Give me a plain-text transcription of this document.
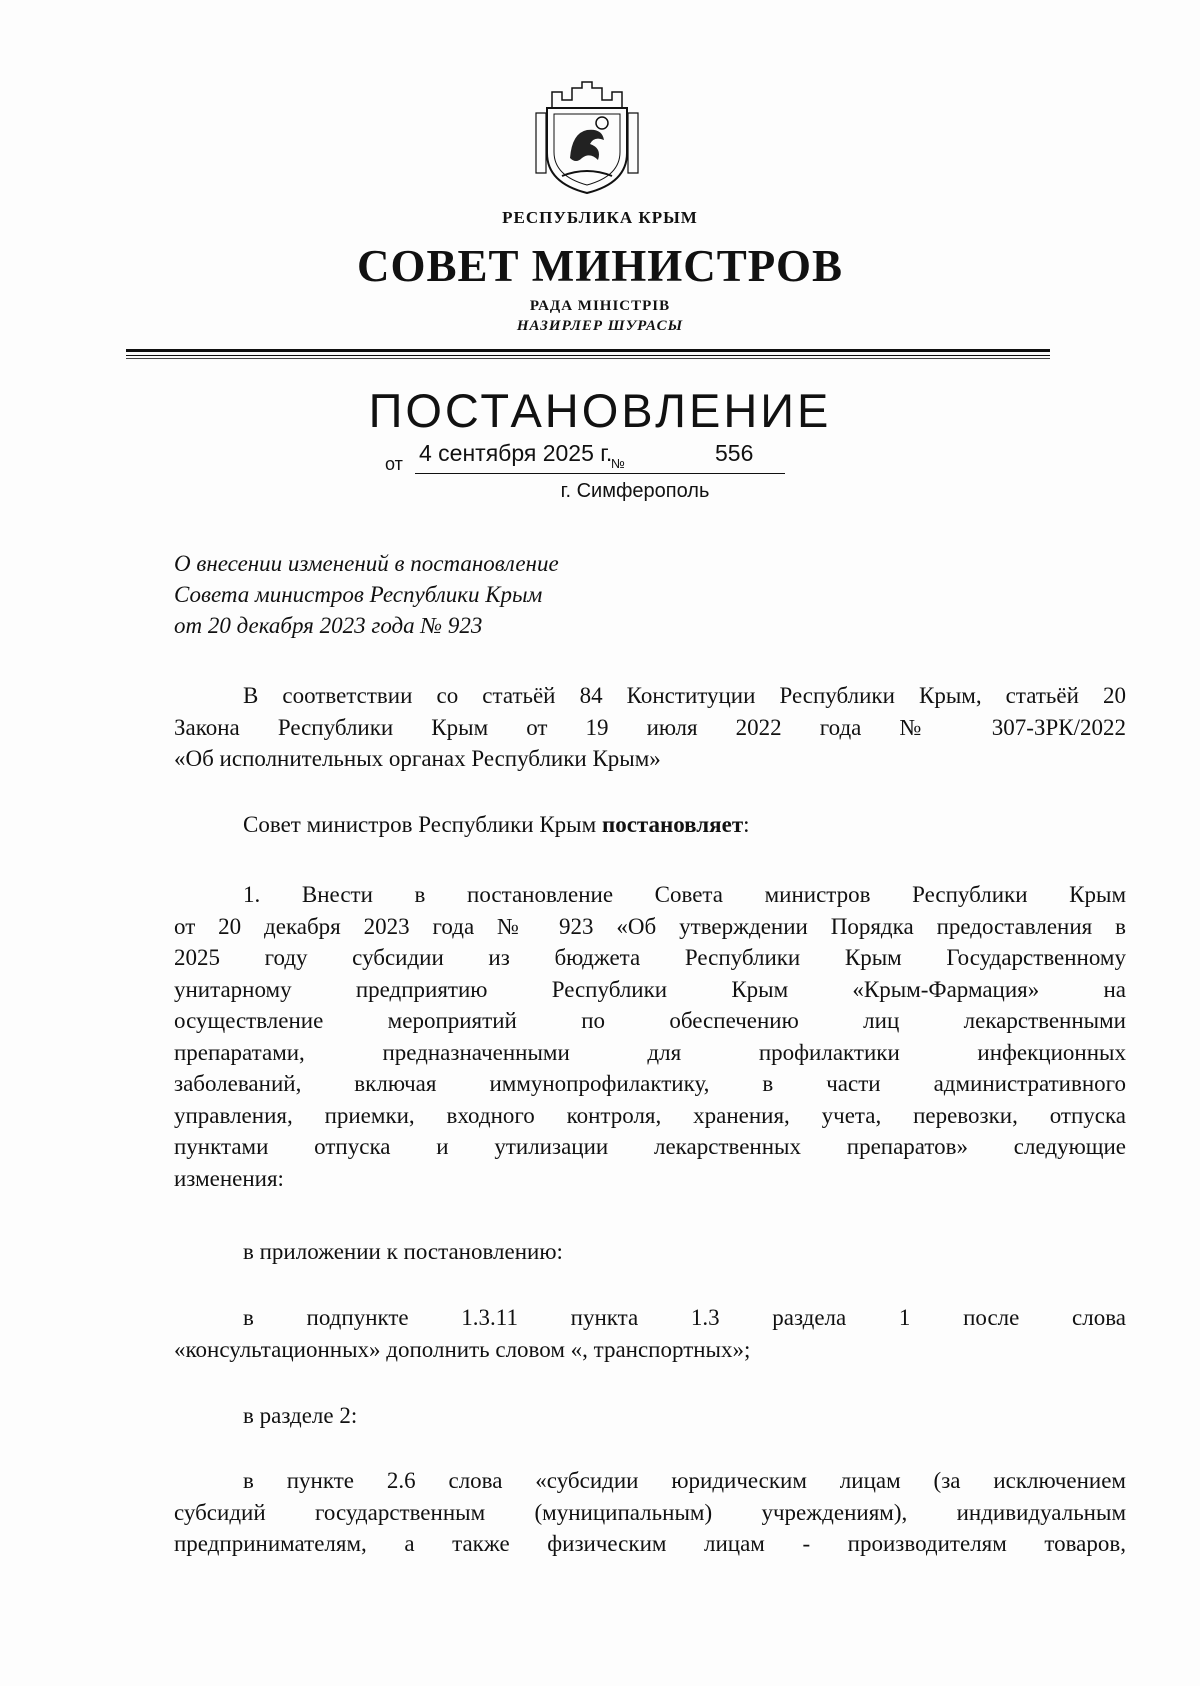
РЕСПУБЛИКА КРЫМ
СОВЕТ МИНИСТРОВ
РАДА МІНІСТРІВ
НАЗИРЛЕР ШУРАСЫ
ПОСТАНОВЛЕНИЕ
от 4 сентября 2025 г.
№	556
г. Симферополь
О внесении изменений в постановление
Совета министров Республики Крым
от 20 декабря 2023 года № 923
В соответствии со статьёй 84 Конституции Республики Крым, статьёй 20
Закона Республики Крым от 19 июля 2022 года № 307-ЗРК/2022
«Об исполнительных органах Республики Крым»
Совет министров Республики Крым постановляет:
1. Внести в постановление Совета министров Республики Крым
от 20 декабря 2023 года № 923 «Об утверждении Порядка предоставления в
2025 году субсидии из бюджета Республики Крым Государственному
унитарному предприятию Республики Крым «Крым-Фармация» на
осуществление мероприятий по обеспечению лиц лекарственными
препаратами, предназначенными для профилактики инфекционных
заболеваний, включая иммунопрофилактику, в части административного
управления, приемки, входного контроля, хранения, учета, перевозки, отпуска
пунктами отпуска и утилизации лекарственных препаратов» следующие
изменения:
в приложении к постановлению:
в подпункте 1.3.11 пункта 1.3 раздела 1 после слова
«консультационных» дополнить словом «, транспортных»;
в разделе 2:
в пункте 2.6 слова «субсидии юридическим лицам (за исключением
субсидий государственным (муниципальным) учреждениям), индивидуальным
предпринимателям, а также физическим лицам - производителям товаров,
